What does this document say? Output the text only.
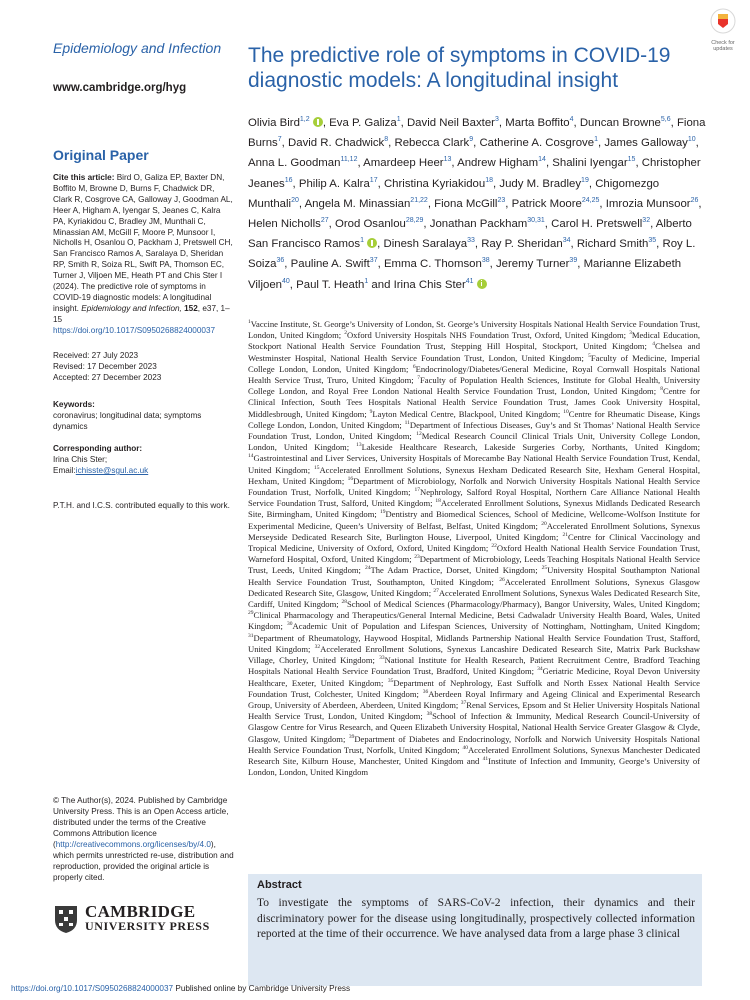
Check for updates
Epidemiology and Infection
www.cambridge.org/hyg
Original Paper
Cite this article: Bird O, Galiza EP, Baxter DN, Boffito M, Browne D, Burns F, Chadwick DR, Clark R, Cosgrove CA, Galloway J, Goodman AL, Heer A, Higham A, Iyengar S, Jeanes C, Kalra PA, Kyriakidou C, Bradley JM, Munthali C, Minassian AM, McGill F, Moore P, Munsoor I, Nicholls H, Osanlou O, Packham J, Pretswell CH, San Francisco Ramos A, Saralaya D, Sheridan RP, Smith R, Soiza RL, Swift PA, Thomson EC, Turner J, Viljoen ME, Heath PT and Chis Ster I (2024). The predictive role of symptoms in COVID-19 diagnostic models: A longitudinal insight. Epidemiology and Infection, 152, e37, 1–15
https://doi.org/10.1017/S0950268824000037
Received: 27 July 2023
Revised: 17 December 2023
Accepted: 27 December 2023
Keywords:
coronavirus; longitudinal data; symptoms dynamics
Corresponding author:
Irina Chis Ster;
Email:ichisste@sgul.ac.uk
P.T.H. and I.C.S. contributed equally to this work.
© The Author(s), 2024. Published by Cambridge University Press. This is an Open Access article, distributed under the terms of the Creative Commons Attribution licence (http://creativecommons.org/licenses/by/4.0), which permits unrestricted re-use, distribution and reproduction, provided the original article is properly cited.
CAMBRIDGE
UNIVERSITY PRESS
The predictive role of symptoms in COVID-19 diagnostic models: A longitudinal insight
Olivia Bird$^{1,2}$ , Eva P. Galiza$^1$, David Neil Baxter$^3$, Marta Boffito$^4$, Duncan Browne$^{5,6}$, Fiona Burns$^7$, David R. Chadwick$^8$, Rebecca Clark$^9$, Catherine A. Cosgrove$^1$, James Galloway$^{10}$, Anna L. Goodman$^{11,12}$, Amardeep Heer$^{13}$, Andrew Higham$^{14}$, Shalini Iyengar$^{15}$, Christopher Jeanes$^{16}$, Philip A. Kalra$^{17}$, Christina Kyriakidou$^{18}$, Judy M. Bradley$^{19}$, Chigomezgo Munthali$^{20}$, Angela M. Minassian$^{21,22}$, Fiona McGill$^{23}$, Patrick Moore$^{24,25}$, Imrozia Munsoor$^{26}$, Helen Nicholls$^{27}$, Orod Osanlou$^{28,29}$, Jonathan Packham$^{30,31}$, Carol H. Pretswell$^{32}$, Alberto San Francisco Ramos$^1$ , Dinesh Saralaya$^{33}$, Ray P. Sheridan$^{34}$, Richard Smith$^{35}$, Roy L. Soiza$^{36}$, Pauline A. Swift$^{37}$, Emma C. Thomson$^{38}$, Jeremy Turner$^{39}$, Marianne Elizabeth Viljoen$^{40}$, Paul T. Heath$^1$ and Irina Chis Ster$^{41}$
$^1$Vaccine Institute, St. George’s University of London, St. George’s University Hospitals National Health Service Foundation Trust, London, United Kingdom; $^2$Oxford University Hospitals NHS Foundation Trust, Oxford, United Kingdom; $^3$Medical Education, Stockport National Health Service Foundation Trust, Stepping Hill Hospital, Stockport, United Kingdom; $^4$Chelsea and Westminster Hospital, National Health Service Foundation Trust, London, United Kingdom; $^5$Faculty of Medicine, Imperial College London, London, United Kingdom; $^6$Endocrinology/Diabetes/General Medicine, Royal Cornwall Hospitals National Health Service Trust, Truro, United Kingdom; $^7$Faculty of Population Health Sciences, Institute for Global Health, University College London, and Royal Free London National Health Service Foundation Trust, London, United Kingdom; $^8$Centre for Clinical Infection, South Tees Hospitals National Health Service Foundation Trust, James Cook University Hospital, Middlesbrough, United Kingdom; $^9$Layton Medical Centre, Blackpool, United Kingdom; $^{10}$Centre for Rheumatic Disease, Kings College London, London, United Kingdom; $^{11}$Department of Infectious Diseases, Guy’s and St Thomas’ National Health Service Foundation Trust, London, United Kingdom; $^{12}$Medical Research Council Clinical Trials Unit, University College London, London, United Kingdom; $^{13}$Lakeside Healthcare Research, Lakeside Surgeries Corby, Northants, United Kingdom; $^{14}$Gastrointestinal and Liver Services, University Hospitals of Morecambe Bay National Health Service Foundation Trust, Kendal, United Kingdom; $^{15}$Accelerated Enrollment Solutions, Synexus Hexham Dedicated Research Site, Hexham General Hospital, Hexham, United Kingdom; $^{16}$Department of Microbiology, Norfolk and Norwich University Hospitals National Health Service Foundation Trust, Norfolk, United Kingdom; $^{17}$Nephrology, Salford Royal Hospital, Northern Care Alliance National Health Service Foundation Trust, Salford, United Kingdom; $^{18}$Accelerated Enrollment Solutions, Synexus Midlands Dedicated Research Site, Birmingham, United Kingdom; $^{19}$Dentistry and Biomedical Sciences, School of Medicine, Wellcome-Wolfson Institute for Experimental Medicine, Queen’s University of Belfast, Belfast, United Kingdom; $^{20}$Accelerated Enrollment Solutions, Synexus Merseyside Dedicated Research Site, Burlington House, Liverpool, United Kingdom; $^{21}$Centre for Clinical Vaccinology and Tropical Medicine, University of Oxford, Oxford, United Kingdom; $^{22}$Oxford Health National Health Service Foundation Trust, Warneford Hospital, Oxford, United Kingdom; $^{23}$Department of Microbiology, Leeds Teaching Hospitals National Health Service Trust, Leeds, United Kingdom; $^{24}$The Adam Practice, Dorset, United Kingdom; $^{25}$University Hospital Southampton National Health Service Foundation Trust, Southampton, United Kingdom; $^{26}$Accelerated Enrollment Solutions, Synexus Glasgow Dedicated Research Site, Glasgow, United Kingdom; $^{27}$Accelerated Enrollment Solutions, Synexus Wales Dedicated Research Site, Cardiff, United Kingdom; $^{28}$School of Medical Sciences (Pharmacology/Pharmacy), Bangor University, Wales, United Kingdom; $^{29}$Clinical Pharmacology and Therapeutics/General Internal Medicine, Betsi Cadwaladr University Health Board, Wales, United Kingdom; $^{30}$Academic Unit of Population and Lifespan Sciences, University of Nottingham, Nottingham, United Kingdom; $^{31}$Department of Rheumatology, Haywood Hospital, Midlands Partnership National Health Service Foundation Trust, Stafford, United Kingdom; $^{32}$Accelerated Enrollment Solutions, Synexus Lancashire Dedicated Research Site, Matrix Park Buckshaw Village, Chorley, United Kingdom; $^{33}$National Institute for Health Research, Patient Recruitment Centre, Bradford Teaching Hospitals National Health Service Foundation Trust, Bradford, United Kingdom; $^{34}$Geriatric Medicine, Royal Devon University Healthcare, Exeter, United Kingdom; $^{35}$Department of Nephrology, East Suffolk and North Essex National Health Service Foundation Trust, Colchester, United Kingdom; $^{36}$Aberdeen Royal Infirmary and Ageing Clinical and Experimental Research Group, University of Aberdeen, Aberdeen, United Kingdom; $^{37}$Renal Services, Epsom and St Helier University Hospitals National Health Service Trust, London, United Kingdom; $^{38}$School of Infection & Immunity, Medical Research Council-University of Glasgow Centre for Virus Research, and Queen Elizabeth University Hospital, National Health Service Greater Glasgow & Clyde, Glasgow, United Kingdom; $^{39}$Department of Diabetes and Endocrinology, Norfolk and Norwich University Hospitals National Health Service Foundation Trust, Norfolk, United Kingdom; $^{40}$Accelerated Enrollment Solutions, Synexus Manchester Dedicated Research Site, Kilburn House, Manchester, United Kingdom and $^{41}$Institute of Infection and Immunity, George’s University of London, London, United Kingdom
Abstract
To investigate the symptoms of SARS-CoV-2 infection, their dynamics and their discriminatory power for the disease using longitudinally, prospectively collected information reported at the time of their occurrence. We have analysed data from a large phase 3 clinical
https://doi.org/10.1017/S0950268824000037 Published online by Cambridge University Press
